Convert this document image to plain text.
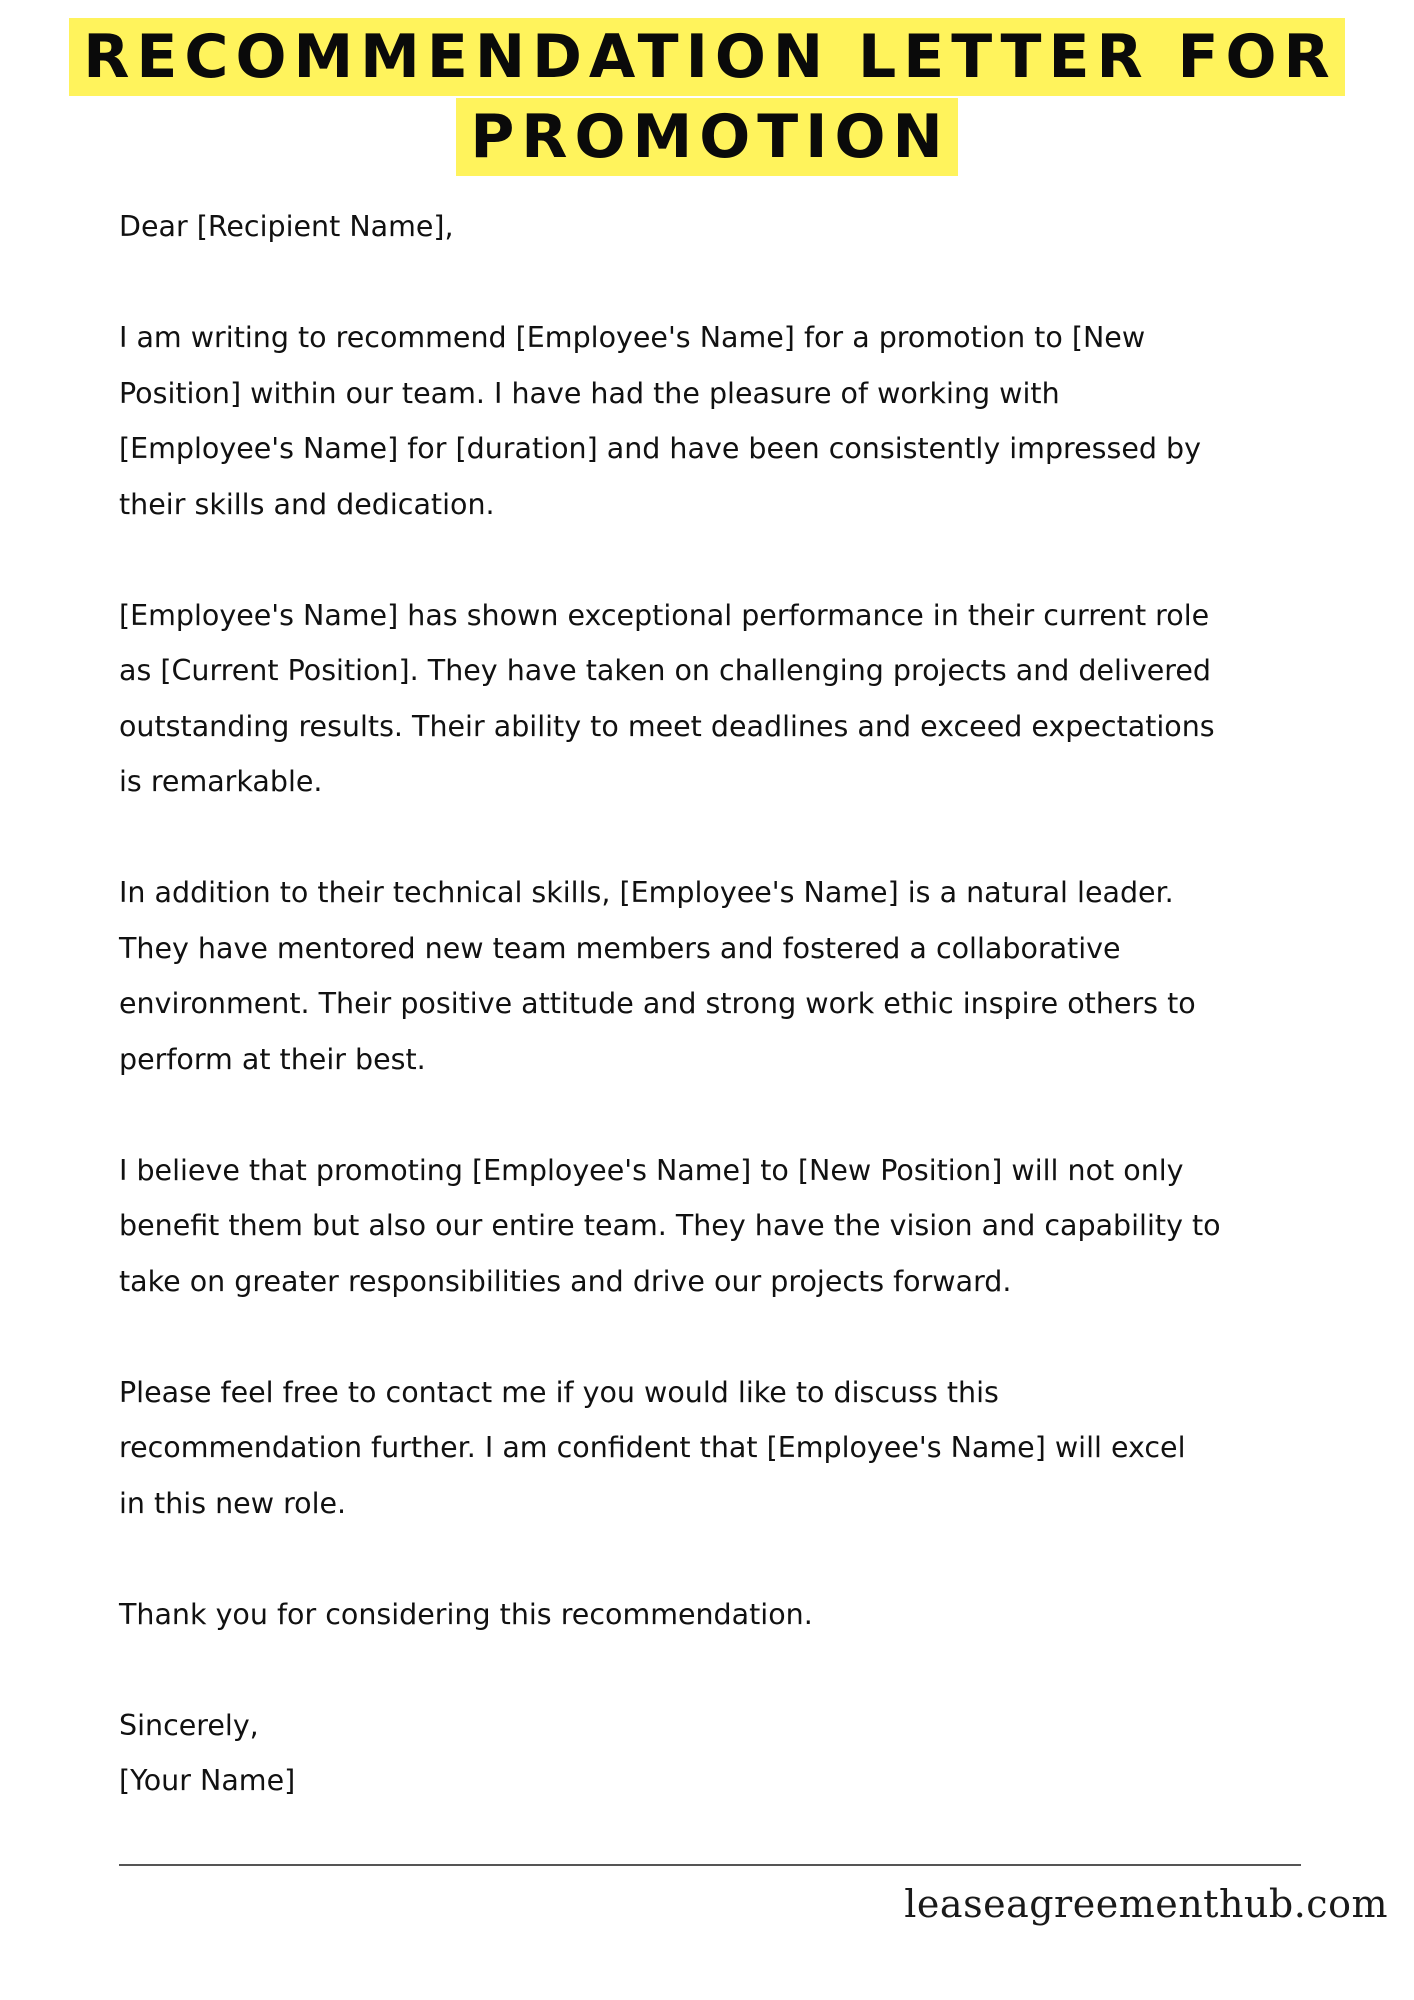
RECOMMENDATION LETTER FOR
PROMOTION

Dear [Recipient Name],

I am writing to recommend [Employee's Name] for a promotion to [New
Position] within our team. I have had the pleasure of working with
[Employee's Name] for [duration] and have been consistently impressed by
their skills and dedication.

[Employee's Name] has shown exceptional performance in their current role
as [Current Position]. They have taken on challenging projects and delivered
outstanding results. Their ability to meet deadlines and exceed expectations
is remarkable.

In addition to their technical skills, [Employee's Name] is a natural leader.
They have mentored new team members and fostered a collaborative
environment. Their positive attitude and strong work ethic inspire others to
perform at their best.

I believe that promoting [Employee's Name] to [New Position] will not only
benefit them but also our entire team. They have the vision and capability to
take on greater responsibilities and drive our projects forward.

Please feel free to contact me if you would like to discuss this
recommendation further. I am confident that [Employee's Name] will excel
in this new role.

Thank you for considering this recommendation.

Sincerely,
[Your Name]

leaseagreementhub.com
